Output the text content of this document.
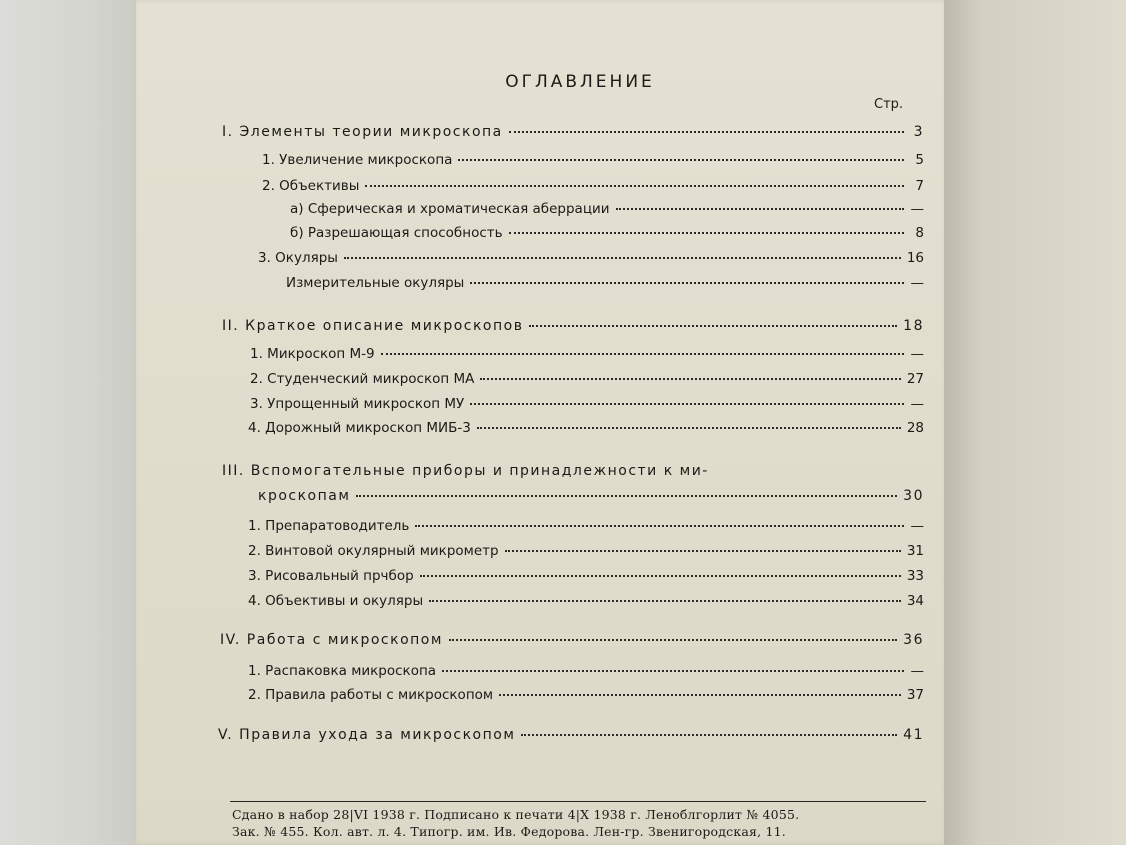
ОГЛАВЛЕНИЕ
Стр.
I. Элементы теории микроскопа	3
1. Увеличение микроскопа	5
2. Объективы	7
а) Сферическая и хроматическая аберрации	—
б) Разрешающая способность	8
3. Окуляры	16
Измерительные окуляры	—
II. Краткое описание микроскопов	18
1. Микроскоп М-9	—
2. Студенческий микроскоп МА	27
3. Упрощенный микроскоп МУ	—
4. Дорожный микроскоп МИБ-3	28
III. Вспомогательные приборы и принадлежности к ми-
кроскопам	30
1. Препаратоводитель	—
2. Винтовой окулярный микрометр	31
3. Рисовальный прчбор	33
4. Объективы и окуляры	34
IV. Работа с микроскопом	36
1. Распаковка микроскопа	—
2. Правила работы с микроскопом	37
V. Правила ухода за микроскопом	41
Сдано в набор 28|VI 1938 г. Подписано к печати 4|X 1938 г. Леноблгорлит № 4055.
Зак. № 455. Кол. авт. л. 4. Типогр. им. Ив. Федорова. Лен-гр. Звенигородская, 11.
